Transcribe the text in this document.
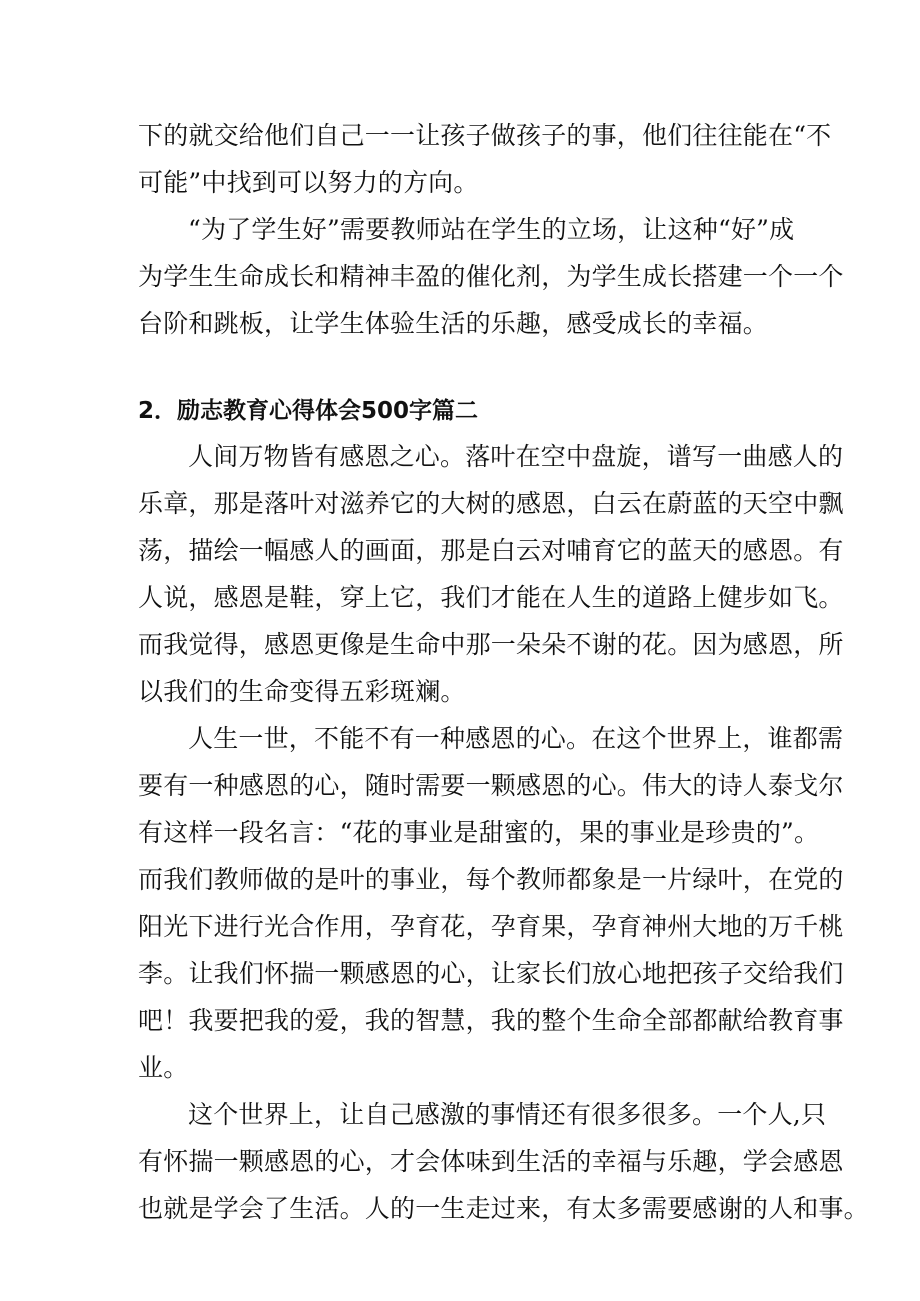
下的就交给他们自己一一让孩子做孩子的事，他们往往能在“不
可能”中找到可以努力的方向。

“为了学生好”需要教师站在学生的立场，让这种“好”成
为学生生命成长和精神丰盈的催化剂，为学生成长搭建一个一个
台阶和跳板，让学生体验生活的乐趣，感受成长的幸福。

2．励志教育心得体会500字篇二

人间万物皆有感恩之心。落叶在空中盘旋，谱写一曲感人的
乐章，那是落叶对滋养它的大树的感恩，白云在蔚蓝的天空中飘
荡，描绘一幅感人的画面，那是白云对哺育它的蓝天的感恩。有
人说，感恩是鞋，穿上它，我们才能在人生的道路上健步如飞。
而我觉得，感恩更像是生命中那一朵朵不谢的花。因为感恩，所
以我们的生命变得五彩斑斓。

人生一世，不能不有一种感恩的心。在这个世界上，谁都需
要有一种感恩的心，随时需要一颗感恩的心。伟大的诗人泰戈尔
有这样一段名言：“花的事业是甜蜜的，果的事业是珍贵的”。
而我们教师做的是叶的事业，每个教师都象是一片绿叶，在党的
阳光下进行光合作用，孕育花，孕育果，孕育神州大地的万千桃
李。让我们怀揣一颗感恩的心，让家长们放心地把孩子交给我们
吧！我要把我的爱，我的智慧，我的整个生命全部都献给教育事
业。

这个世界上，让自己感激的事情还有很多很多。一个人,只
有怀揣一颗感恩的心，才会体味到生活的幸福与乐趣，学会感恩
也就是学会了生活。人的一生走过来，有太多需要感谢的人和事。
